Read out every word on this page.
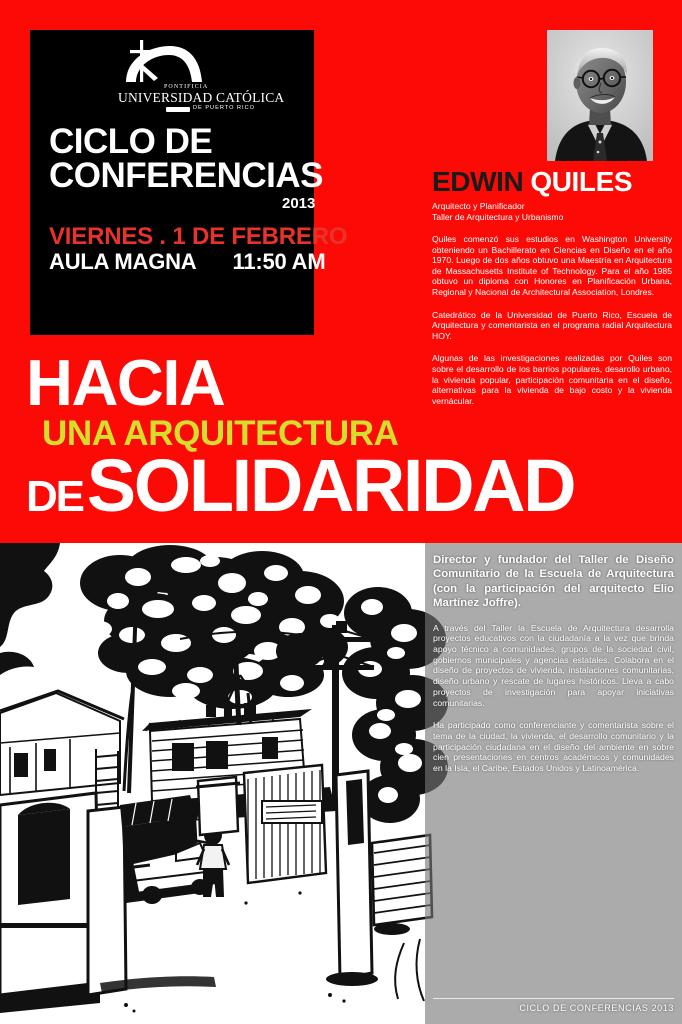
PONTIFICIA
UNIVERSIDAD CATÓLICA
DE PUERTO RICO
CICLO DE
CONFERENCIAS
2013
VIERNES . 1 DE FEBRERO
AULA MAGNA 11:50 AM
EDWIN QUILES
Arquitecto y Planificador
Taller de Arquitectura y Urbanismo
Quiles comenzó sus estudios en Washington University obteniendo un Bachillerato en Ciencias en Diseño en el año 1970. Luego de dos años obtuvo una Maestría en Arquitectura de Massachusetts Institute of Technology. Para el año 1985 obtuvo un diploma con Honores en Planificación Urbana, Regional y Nacional de Architectural Association, Londres.
Catedrático de la Universidad de Puerto Rico, Escuela de Arquitectura y comentarista en el programa radial Arquitectura HOY.
Algunas de las investigaciones realizadas por Quiles son sobre el desarrollo de los barrios populares, desarollo urbano, la vivienda popular, participación comunitaria en el diseño, alternativas para la vivienda de bajo costo y la vivienda vernácular.
HACIA
UNA ARQUITECTURA
DESOLIDARIDAD
Director y fundador del Taller de Diseño Comunitario de la Escuela de Arquitectura (con la participación del arquitecto Elio Martínez Joffre).
A través del Taller la Escuela de Arquitectura desarrolla proyectos educativos con la ciudadanía a la vez que brinda apoyo técnico a comunidades, grupos de la sociedad civil, gobiernos municipales y agencias estatales. Colabora en el diseño de proyectos de vivienda, instalaciones comunitarias, diseño urbano y rescate de lugares históricos. Lleva a cabo proyectos de investigación para apoyar iniciativas comunitarias.
Ha participado como conferenciante y comentarista sobre el tema de la ciudad, la vivienda, el desarrollo comunitario y la participación ciudadana en el diseño del ambiente en sobre cien presentaciones en centros académicos y comunidades en la Isla, el Caribe, Estados Unidos y Latinoamérica.
CICLO DE CONFERENCIAS 2013
